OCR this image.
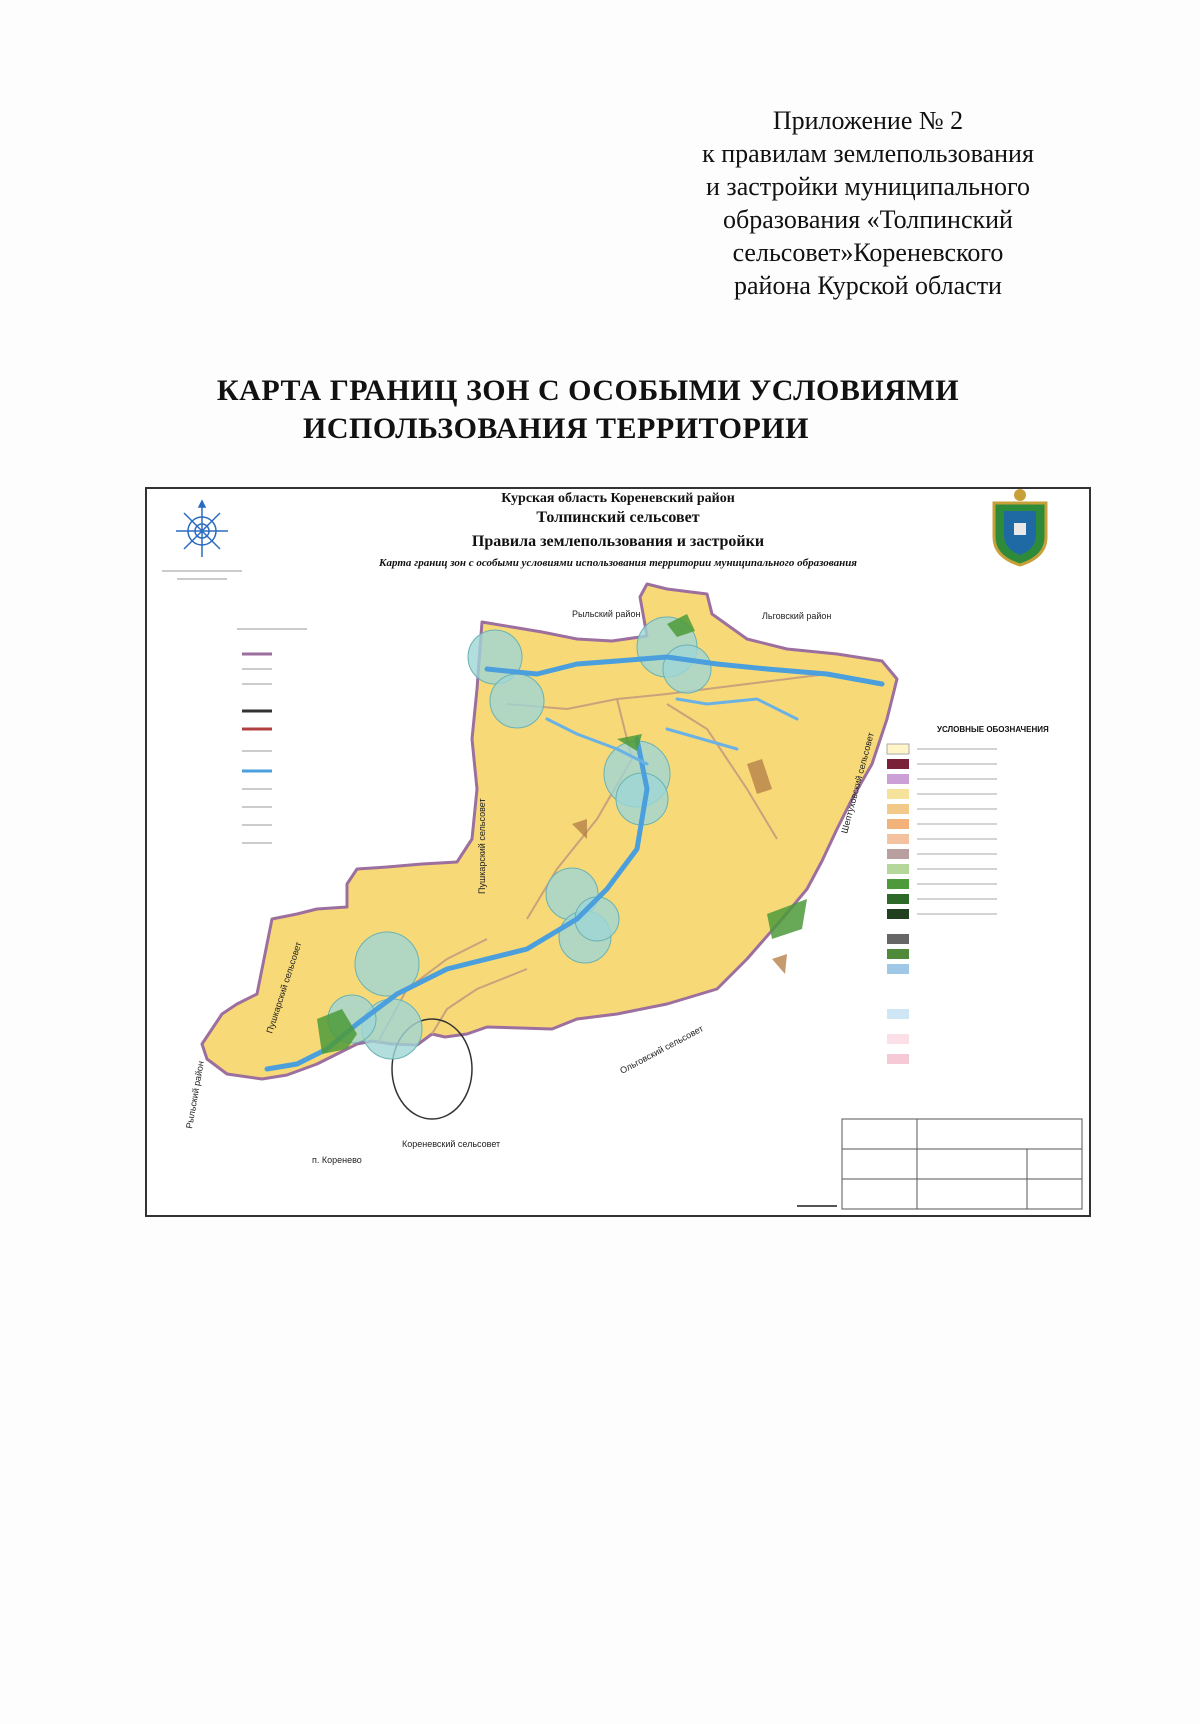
Приложение № 2
к правилам землепользования
и застройки муниципального
образования «Толпинский
сельсовет»Кореневского
района Курской области
КАРТА ГРАНИЦ ЗОН С ОСОБЫМИ УСЛОВИЯМИ
ИСПОЛЬЗОВАНИЯ ТЕРРИТОРИИ
УСЛОВНЫЕ ОБОЗНАЧЕНИЯ
Рыльский район	Льговский район
п. Коренево
Кореневский сельсовет
Пушкарский сельсовет
Пушкарский сельсовет
Шептуховский сельсовет
Ольговский сельсовет
Рыльский район
Курская область Кореневский район
Толпинский сельсовет
Правила землепользования и застройки
Карта границ зон с особыми условиями использования территории муниципального образования
